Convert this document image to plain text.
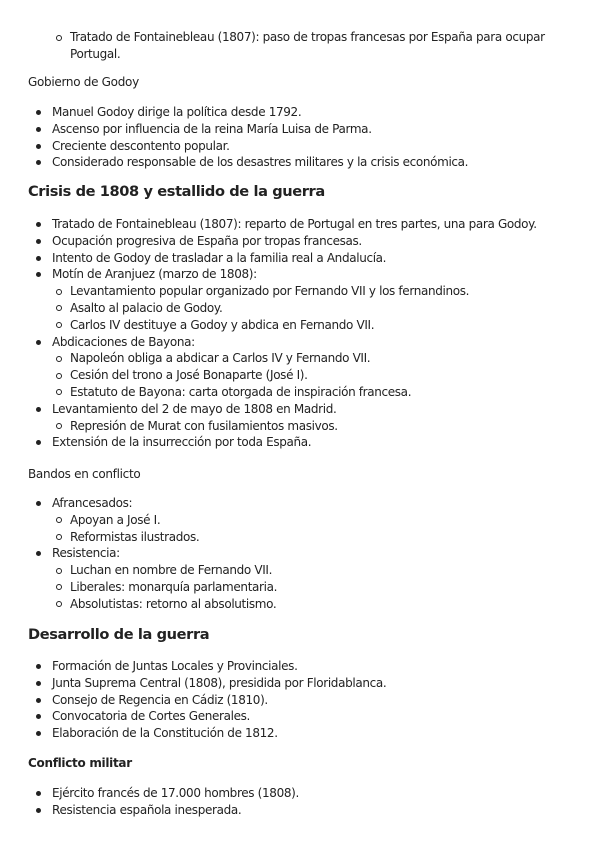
Tratado de Fontainebleau (1807): paso de tropas francesas por España para ocupar Portugal.

Gobierno de Godoy

Manuel Godoy dirige la política desde 1792.
Ascenso por influencia de la reina María Luisa de Parma.
Creciente descontento popular.
Considerado responsable de los desastres militares y la crisis económica.
Crisis de 1808 y estallido de la guerra
Tratado de Fontainebleau (1807): reparto de Portugal en tres partes, una para Godoy.
Ocupación progresiva de España por tropas francesas.
Intento de Godoy de trasladar a la familia real a Andalucía.
Motín de Aranjuez (marzo de 1808):
Levantamiento popular organizado por Fernando VII y los fernandinos.
Asalto al palacio de Godoy.
Carlos IV destituye a Godoy y abdica en Fernando VII.
Abdicaciones de Bayona:
Napoleón obliga a abdicar a Carlos IV y Fernando VII.
Cesión del trono a José Bonaparte (José I).
Estatuto de Bayona: carta otorgada de inspiración francesa.
Levantamiento del 2 de mayo de 1808 en Madrid.
Represión de Murat con fusilamientos masivos.
Extensión de la insurrección por toda España.

Bandos en conflicto

Afrancesados:
Apoyan a José I.
Reformistas ilustrados.
Resistencia:
Luchan en nombre de Fernando VII.
Liberales: monarquía parlamentaria.
Absolutistas: retorno al absolutismo.
Desarrollo de la guerra
Formación de Juntas Locales y Provinciales.
Junta Suprema Central (1808), presidida por Floridablanca.
Consejo de Regencia en Cádiz (1810).
Convocatoria de Cortes Generales.
Elaboración de la Constitución de 1812.
Conflicto militar
Ejército francés de 17.000 hombres (1808).
Resistencia española inesperada.
